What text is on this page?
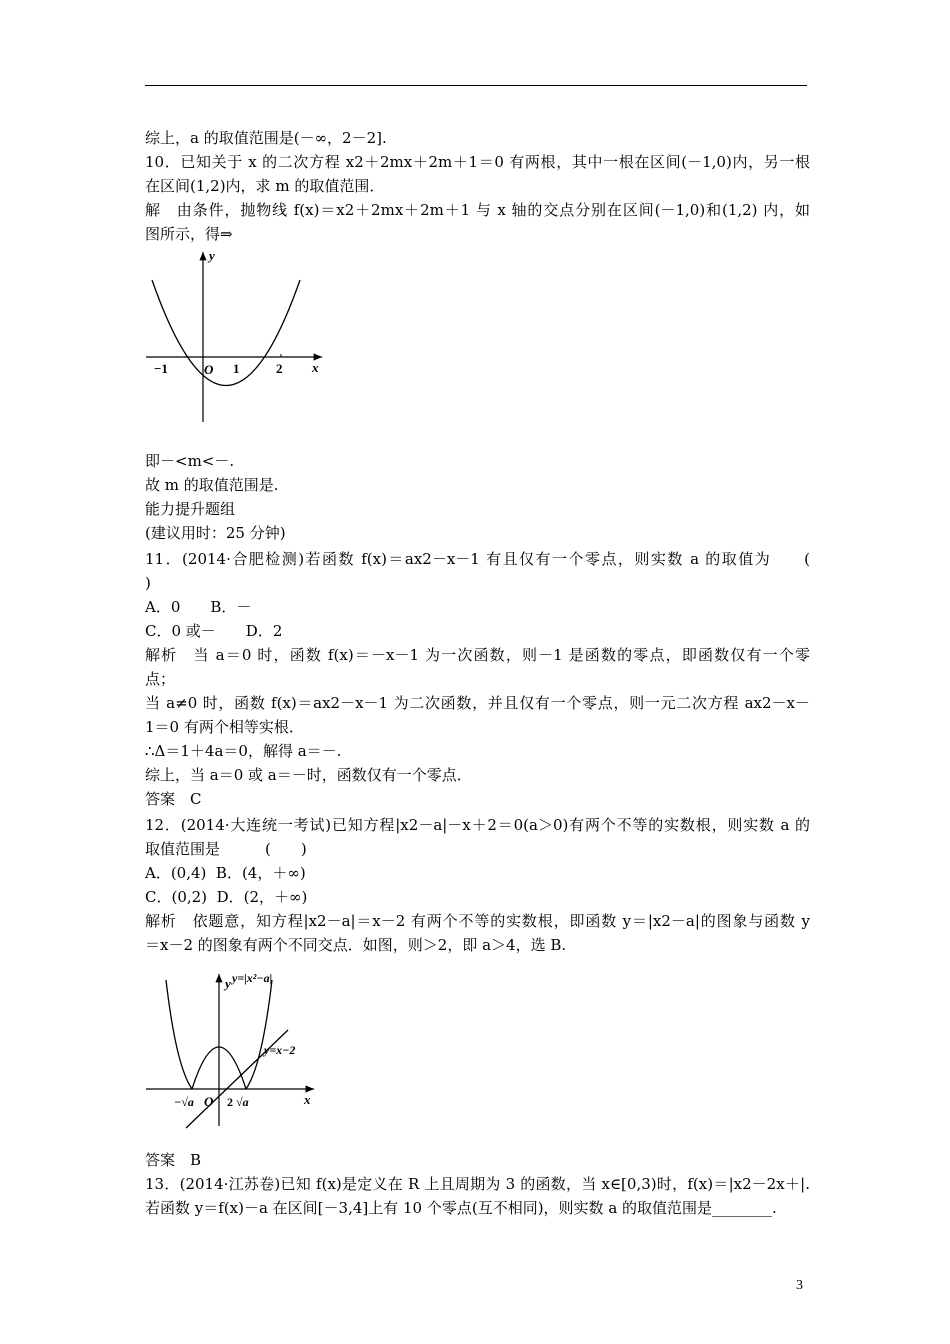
综上，a 的取值范围是(－∞，2－2].
10．已知关于 x 的二次方程 x2＋2mx＋2m＋1＝0 有两根，其中一根在区间(－1,0)内，另一根
在区间(1,2)内，求 m 的取值范围．
解　由条件，抛物线 f(x)＝x2＋2mx＋2m＋1 与 x 轴的交点分别在区间(－1,0)和(1,2) 内，如
图所示，得⇒
y
x
O
−1	1	2
即－<m<－.
故 m 的取值范围是.
能力提升题组
(建议用时：25 分钟)
11．(2014·合肥检测)若函数 f(x)＝ax2－x－1 有且仅有一个零点，则实数 a 的取值为　　(
)
A．0　　B．－
C．0 或－　　D．2
解析　当 a＝0 时，函数 f(x)＝－x－1 为一次函数，则－1 是函数的零点，即函数仅有一个零
点；
当 a≠0 时，函数 f(x)＝ax2－x－1 为二次函数，并且仅有一个零点，则一元二次方程 ax2－x－
1＝0 有两个相等实根．
∴Δ＝1＋4a＝0，解得 a＝－.
综上，当 a＝0 或 a＝－时，函数仅有一个零点．
答案　C
12．(2014·大连统一考试)已知方程|x2－a|－x＋2＝0(a＞0)有两个不等的实数根，则实数 a 的
取值范围是　　　(　　)
A．(0,4)  B．(4，＋∞)
C．(0,2)  D．(2，＋∞)
解析　依题意，知方程|x2－a|＝x－2 有两个不等的实数根，即函数 y＝|x2－a|的图象与函数 y
＝x－2 的图象有两个不同交点．如图，则＞2，即 a＞4，选 B.
y=|x²−a|
y=x−2
y
x
O
−√a	2 √a
答案　B
13．(2014·江苏卷)已知 f(x)是定义在 R 上且周期为 3 的函数，当 x∈[0,3)时，f(x)＝|x2－2x＋|.
若函数 y＝f(x)－a 在区间[－3,4]上有 10 个零点(互不相同)，则实数 a 的取值范围是________.
3
